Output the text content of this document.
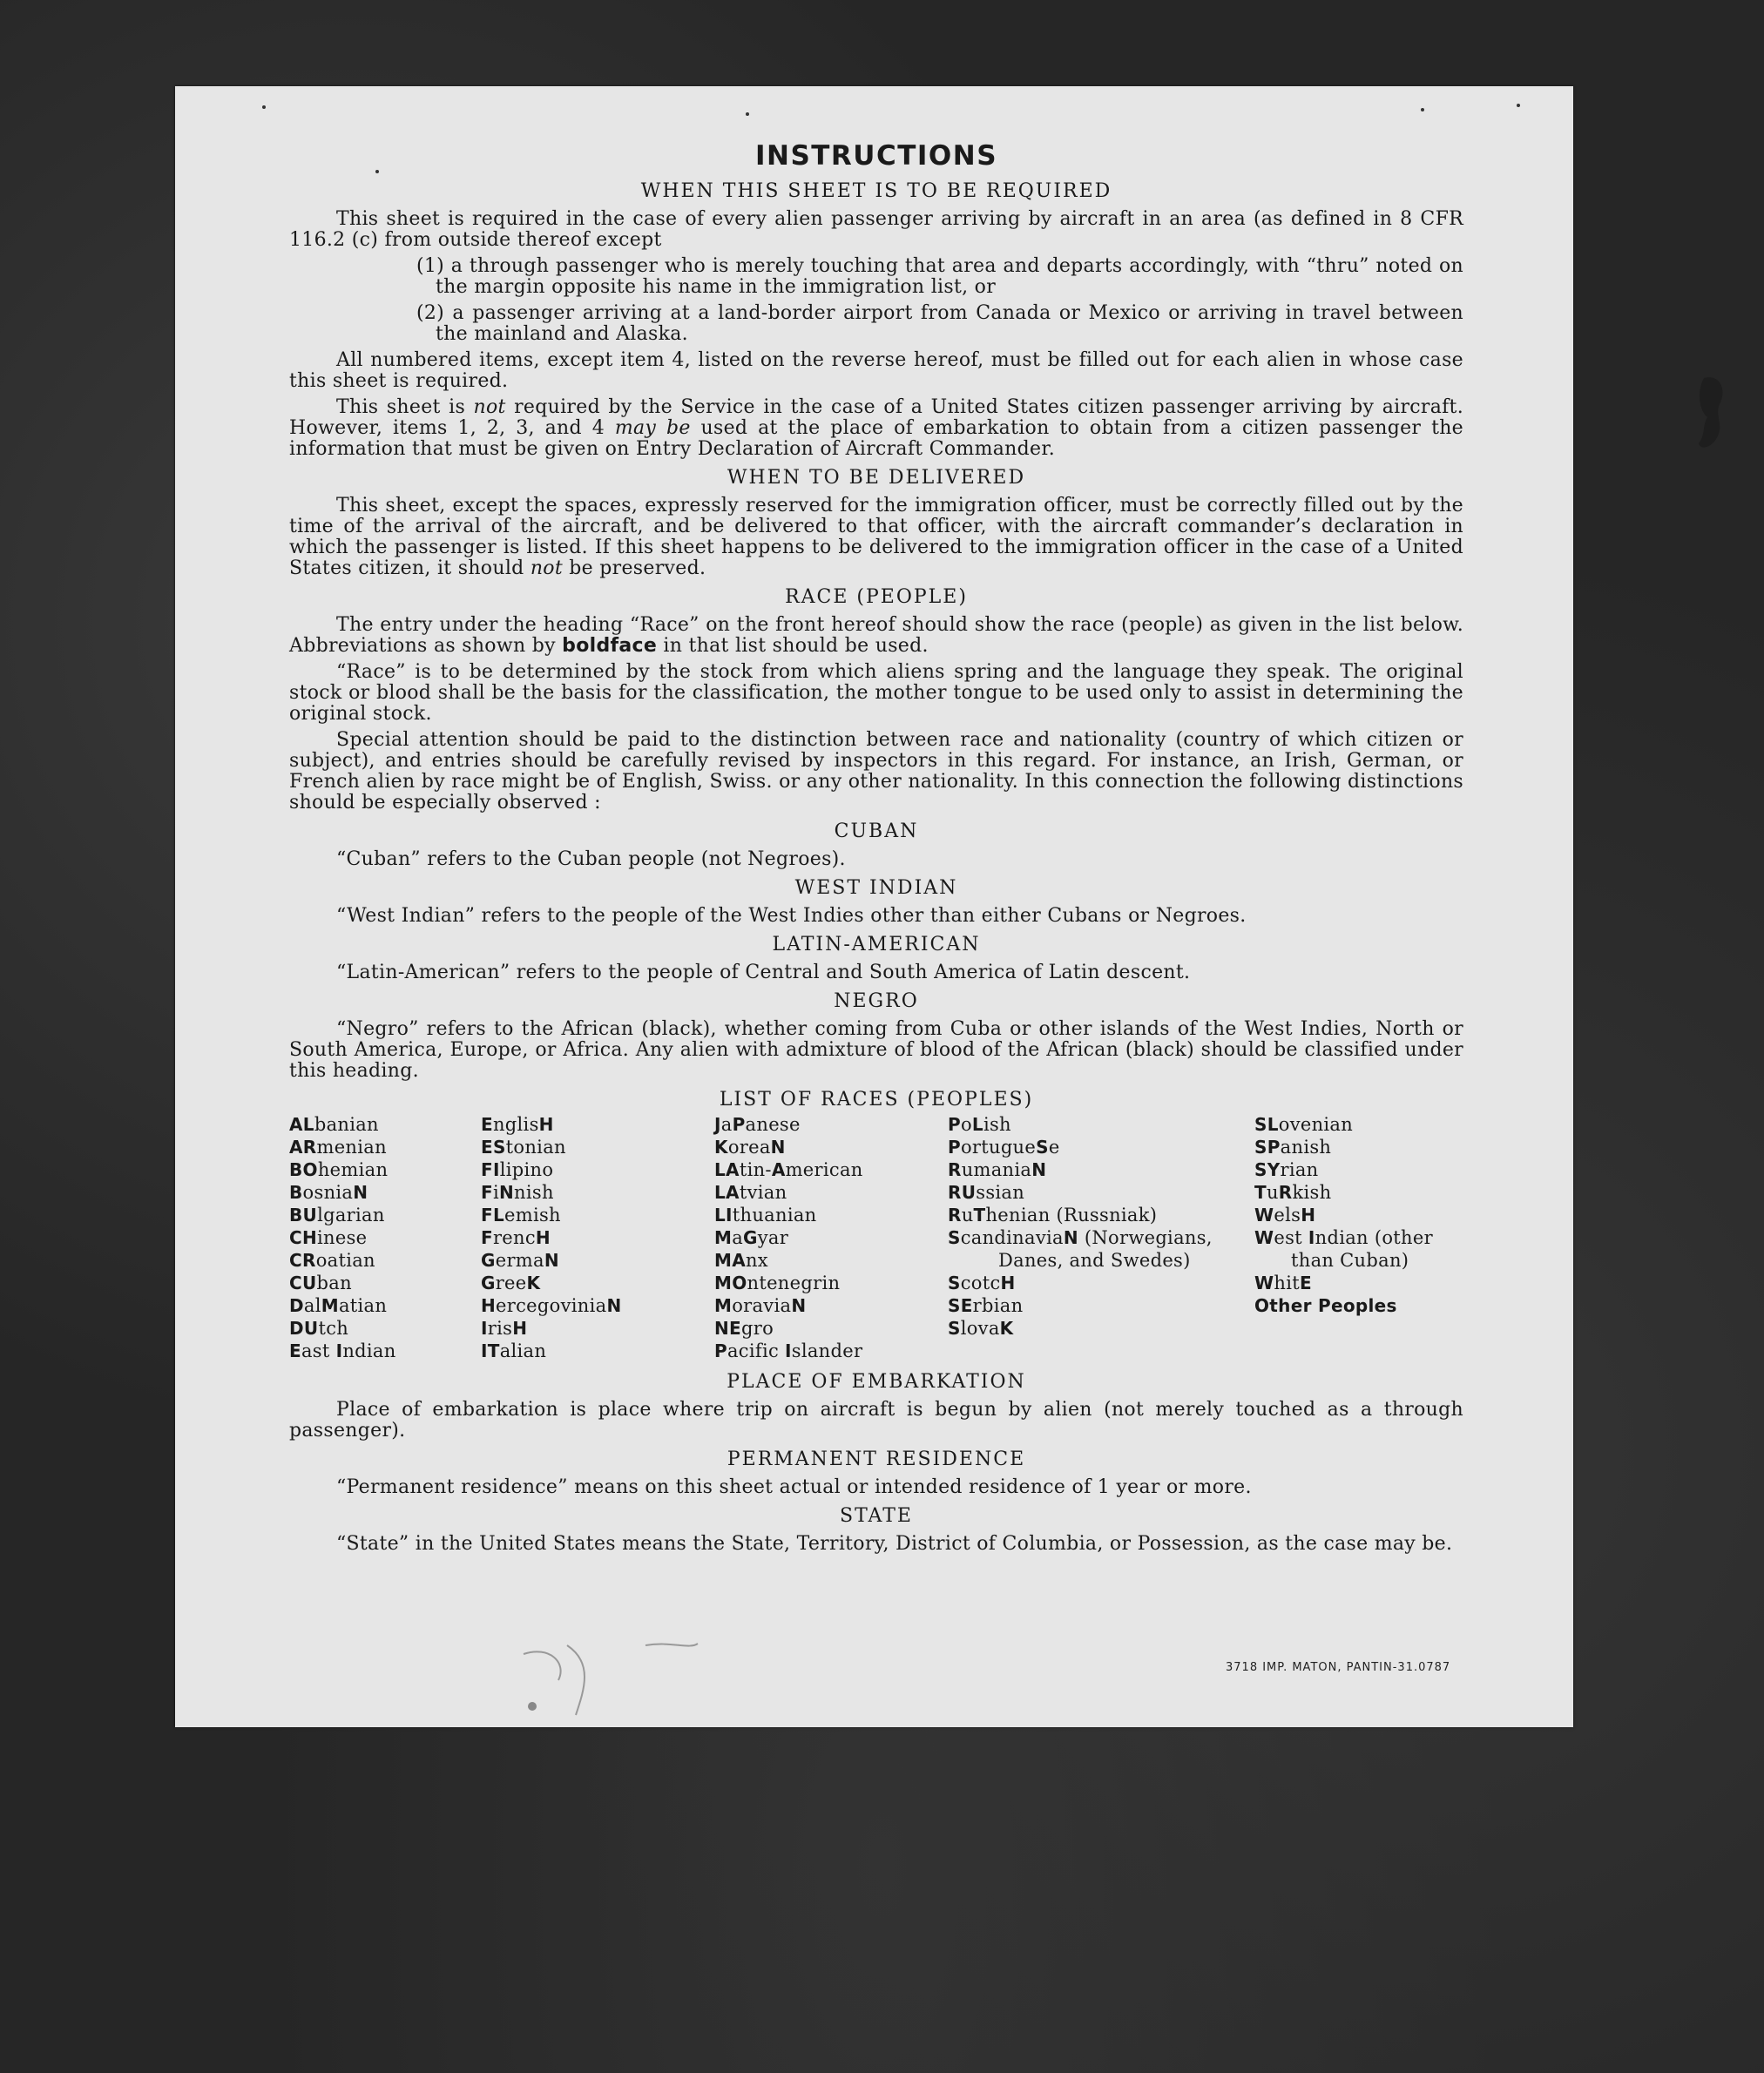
INSTRUCTIONS
WHEN THIS SHEET IS TO BE REQUIRED

This sheet is required in the case of every alien passenger arriving by aircraft in an area (as defined in 8 CFR 116.2 (c) from outside thereof except

(1) a through passenger who is merely touching that area and departs accordingly, with “thru” noted on the margin opposite his name in the immigration list, or

(2) a passenger arriving at a land-border airport from Canada or Mexico or arriving in travel between the mainland and Alaska.

All numbered items, except item 4, listed on the reverse hereof, must be filled out for each alien in whose case this sheet is required.

This sheet is not required by the Service in the case of a United States citizen passenger arriving by aircraft. However, items 1, 2, 3, and 4 may be used at the place of embarkation to obtain from a citizen passenger the information that must be given on Entry Declaration of Aircraft Commander.

WHEN TO BE DELIVERED

This sheet, except the spaces, expressly reserved for the immigration officer, must be correctly filled out by the time of the arrival of the aircraft, and be delivered to that officer, with the aircraft commander’s declaration in which the passenger is listed. If this sheet happens to be delivered to the immigration officer in the case of a United States citizen, it should not be preserved.

RACE (PEOPLE)

The entry under the heading “Race” on the front hereof should show the race (people) as given in the list below. Abbreviations as shown by boldface in that list should be used.

“Race” is to be determined by the stock from which aliens spring and the language they speak. The original stock or blood shall be the basis for the classification, the mother tongue to be used only to assist in determining the original stock.

Special attention should be paid to the distinction between race and nationality (country of which citizen or subject), and entries should be carefully revised by inspectors in this regard. For instance, an Irish, German, or French alien by race might be of English, Swiss. or any other nationality. In this connection the following distinctions should be especially observed :

CUBAN

“Cuban” refers to the Cuban people (not Negroes).

WEST INDIAN

“West Indian” refers to the people of the West Indies other than either Cubans or Negroes.

LATIN-AMERICAN

“Latin-American” refers to the people of Central and South America of Latin descent.

NEGRO

“Negro” refers to the African (black), whether coming from Cuba or other islands of the West Indies, North or South America, Europe, or Africa. Any alien with admixture of blood of the African (black) should be classified under this heading.

LIST OF RACES (PEOPLES)
ALbanian
ARmenian
BOhemian
BosniaN
BUlgarian
CHinese
CRoatian
CUban
DalMatian
DUtch
East Indian
EnglisH
EStonian
FIlipino
FiNnish
FLemish
FrencH
GermaN
GreeK
HercegoviniaN
IrisH
ITalian
JaPanese
KoreaN
LAtin-American
LAtvian
LIthuanian
MaGyar
MAnx
MOntenegrin
MoraviaN
NEgro
Pacific Islander
PoLish
PortugueSe
RumaniaN
RUssian
RuThenian (Russniak)
ScandinaviaN (Norwegians, Danes, and Swedes)
ScotcH
SErbian
SlovaK
SLovenian
SPanish
SYrian
TuRkish
WelsH
West Indian (other than Cuban)
WhitE
Other Peoples
PLACE OF EMBARKATION

Place of embarkation is place where trip on aircraft is begun by alien (not merely touched as a through passenger).

PERMANENT RESIDENCE

“Permanent residence” means on this sheet actual or intended residence of 1 year or more.

STATE

“State” in the United States means the State, Territory, District of Columbia, or Possession, as the case may be.

3718 IMP. MATON, PANTIN-31.0787
